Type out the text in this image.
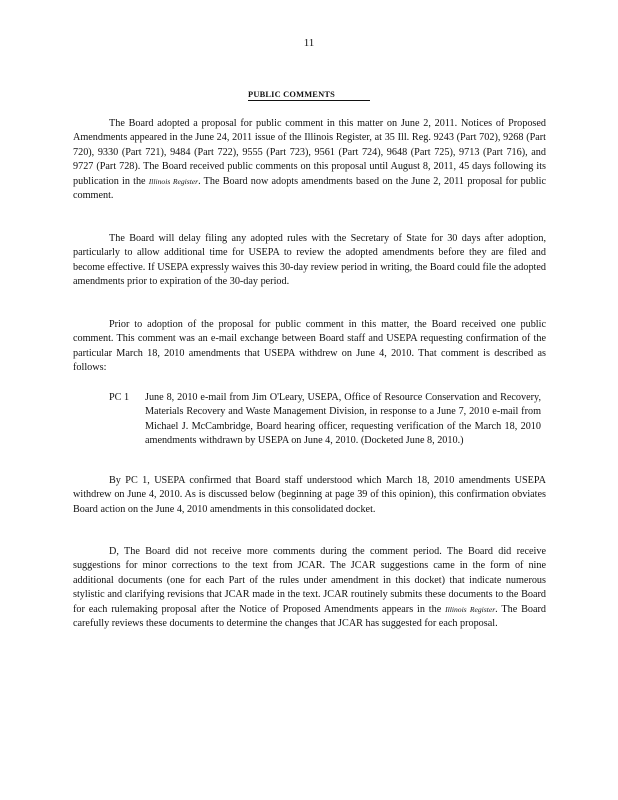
11
PUBLIC COMMENTS

The Board adopted a proposal for public comment in this matter on June 2, 2011. Notices of Proposed Amendments appeared in the June 24, 2011 issue of the Illinois Register, at 35 Ill. Reg. 9243 (Part 702), 9268 (Part 720), 9330 (Part 721), 9484 (Part 722), 9555 (Part 723), 9561 (Part 724), 9648 (Part 725), 9713 (Part 716), and 9727 (Part 728). The Board received public comments on this proposal until August 8, 2011, 45 days following its publication in the Illinois Register. The Board now adopts amendments based on the June 2, 2011 proposal for public comment.

The Board will delay filing any adopted rules with the Secretary of State for 30 days after adoption, particularly to allow additional time for USEPA to review the adopted amendments before they are filed and become effective. If USEPA expressly waives this 30-day review period in writing, the Board could file the adopted amendments prior to expiration of the 30-day period.

Prior to adoption of the proposal for public comment in this matter, the Board received one public comment. This comment was an e-mail exchange between Board staff and USEPA requesting confirmation of the particular March 18, 2010 amendments that USEPA withdrew on June 4, 2010. That comment is described as follows:

PC 1	June 8, 2010 e-mail from Jim O'Leary, USEPA, Office of Resource Conservation and Recovery, Materials Recovery and Waste Management Division, in response to a June 7, 2010 e-mail from Michael J. McCambridge, Board hearing officer, requesting verification of the March 18, 2010 amendments withdrawn by USEPA on June 4, 2010. (Docketed June 8, 2010.)

By PC 1, USEPA confirmed that Board staff understood which March 18, 2010 amendments USEPA withdrew on June 4, 2010. As is discussed below (beginning at page 39 of this opinion), this confirmation obviates Board action on the June 4, 2010 amendments in this consolidated docket.

D, The Board did not receive more comments during the comment period. The Board did receive suggestions for minor corrections to the text from JCAR. The JCAR suggestions came in the form of nine additional documents (one for each Part of the rules under amendment in this docket) that indicate numerous stylistic and clarifying revisions that JCAR made in the text. JCAR routinely submits these documents to the Board for each rulemaking proposal after the Notice of Proposed Amendments appears in the Illinois Register. The Board carefully reviews these documents to determine the changes that JCAR has suggested for each proposal.
